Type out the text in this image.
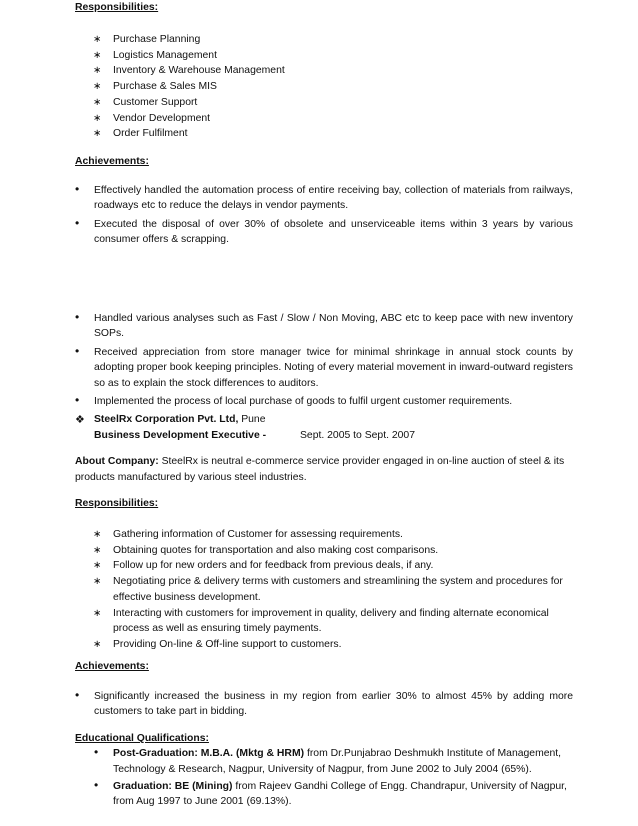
Responsibilities:
∗ Purchase Planning
∗ Logistics Management
∗ Inventory & Warehouse Management
∗ Purchase & Sales MIS
∗ Customer Support
∗ Vendor Development
∗ Order Fulfilment
Achievements:
• Effectively handled the automation process of entire receiving bay, collection of materials from railways, roadways etc to reduce the delays in vendor payments.
• Executed the disposal of over 30% of obsolete and unserviceable items within 3 years by various consumer offers & scrapping.
• Handled various analyses such as Fast / Slow / Non Moving, ABC etc to keep pace with new inventory SOPs.
• Received appreciation from store manager twice for minimal shrinkage in annual stock counts by adopting proper book keeping principles. Noting of every material movement in inward-outward registers so as to explain the stock differences to auditors.
• Implemented the process of local purchase of goods to fulfil urgent customer requirements.
❖ SteelRx Corporation Pvt. Ltd, Pune
Business Development Executive -	Sept. 2005 to Sept. 2007
About Company: SteelRx is neutral e-commerce service provider engaged in on-line auction of steel & its products manufactured by various steel industries.
Responsibilities:
∗ Gathering information of Customer for assessing requirements.
∗ Obtaining quotes for transportation and also making cost comparisons.
∗ Follow up for new orders and for feedback from previous deals, if any.
∗ Negotiating price & delivery terms with customers and streamlining the system and procedures for effective business development.
∗ Interacting with customers for improvement in quality, delivery and finding alternate economical process as well as ensuring timely payments.
∗ Providing On-line & Off-line support to customers.
Achievements:
• Significantly increased the business in my region from earlier 30% to almost 45% by adding more customers to take part in bidding.
Educational Qualifications:
• Post-Graduation: M.B.A. (Mktg & HRM) from Dr.Punjabrao Deshmukh Institute of Management, Technology & Research, Nagpur, University of Nagpur, from June 2002 to July 2004 (65%).
• Graduation: BE (Mining) from Rajeev Gandhi College of Engg. Chandrapur, University of Nagpur, from Aug 1997 to June 2001 (69.13%).
